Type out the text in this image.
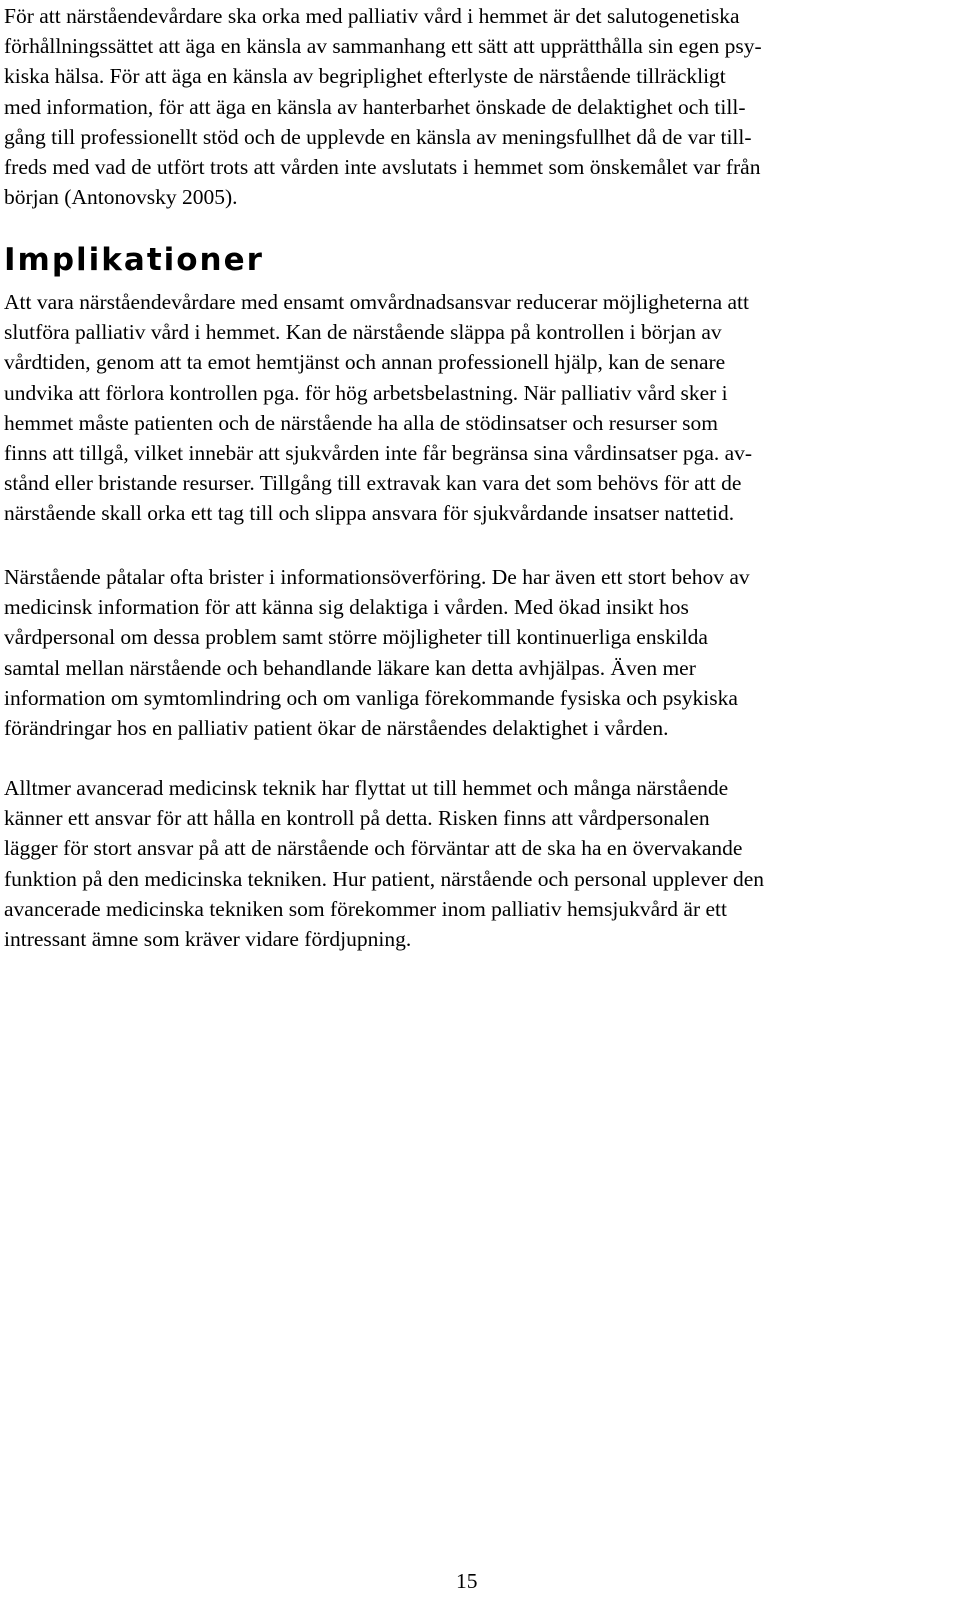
För att närståendevårdare ska orka med palliativ vård i hemmet är det salutogenetiska
förhållningssättet att äga en känsla av sammanhang ett sätt att upprätthålla sin egen psy-
kiska hälsa. För att äga en känsla av begriplighet efterlyste de närstående tillräckligt
med information, för att äga en känsla av hanterbarhet önskade de delaktighet och till-
gång till professionellt stöd och de upplevde en känsla av meningsfullhet då de var till-
freds med vad de utfört trots att vården inte avslutats i hemmet som önskemålet var från
början (Antonovsky 2005).
Implikationer
Att vara närståendevårdare med ensamt omvårdnadsansvar reducerar möjligheterna att
slutföra palliativ vård i hemmet. Kan de närstående släppa på kontrollen i början av
vårdtiden, genom att ta emot hemtjänst och annan professionell hjälp, kan de senare
undvika att förlora kontrollen pga. för hög arbetsbelastning. När palliativ vård sker i
hemmet måste patienten och de närstående ha alla de stödinsatser och resurser som
finns att tillgå, vilket innebär att sjukvården inte får begränsa sina vårdinsatser pga. av-
stånd eller bristande resurser. Tillgång till extravak kan vara det som behövs för att de
närstående skall orka ett tag till och slippa ansvara för sjukvårdande insatser nattetid.
Närstående påtalar ofta brister i informationsöverföring. De har även ett stort behov av
medicinsk information för att känna sig delaktiga i vården. Med ökad insikt hos
vårdpersonal om dessa problem samt större möjligheter till kontinuerliga enskilda
samtal mellan närstående och behandlande läkare kan detta avhjälpas. Även mer
information om symtomlindring och om vanliga förekommande fysiska och psykiska
förändringar hos en palliativ patient ökar de närståendes delaktighet i vården.
Alltmer avancerad medicinsk teknik har flyttat ut till hemmet och många närstående
känner ett ansvar för att hålla en kontroll på detta. Risken finns att vårdpersonalen
lägger för stort ansvar på att de närstående och förväntar att de ska ha en övervakande
funktion på den medicinska tekniken. Hur patient, närstående och personal upplever den
avancerade medicinska tekniken som förekommer inom palliativ hemsjukvård är ett
intressant ämne som kräver vidare fördjupning.
15
